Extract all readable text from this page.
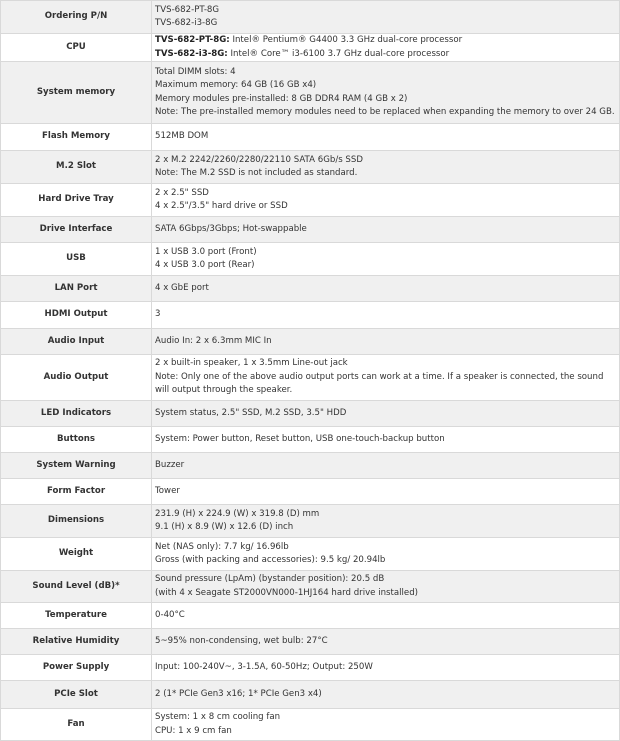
Ordering P/N	TVS-682-PT-8G
TVS-682-i3-8G

CPU	TVS-682-PT-8G: Intel® Pentium® G4400 3.3 GHz dual-core processor
TVS-682-i3-8G: Intel® Core™ i3-6100 3.7 GHz dual-core processor

System memory	Total DIMM slots: 4
Maximum memory: 64 GB (16 GB x4)
Memory modules pre-installed: 8 GB DDR4 RAM (4 GB x 2)
Note: The pre-installed memory modules need to be replaced when expanding the memory to over 24 GB.

Flash Memory	512MB DOM

M.2 Slot	2 x M.2 2242/2260/2280/22110 SATA 6Gb/s SSD
Note: The M.2 SSD is not included as standard.

Hard Drive Tray	2 x 2.5" SSD
4 x 2.5"/3.5" hard drive or SSD

Drive Interface	SATA 6Gbps/3Gbps; Hot-swappable

USB	1 x USB 3.0 port (Front)
4 x USB 3.0 port (Rear)

LAN Port	4 x GbE port

HDMI Output	3

Audio Input	Audio In: 2 x 6.3mm MIC In

Audio Output	2 x built-in speaker, 1 x 3.5mm Line-out jack
Note: Only one of the above audio output ports can work at a time. If a speaker is connected, the sound will output through the speaker.

LED Indicators	System status, 2.5" SSD, M.2 SSD, 3.5" HDD

Buttons	System: Power button, Reset button, USB one-touch-backup button

System Warning	Buzzer

Form Factor	Tower

Dimensions	231.9 (H) x 224.9 (W) x 319.8 (D) mm
9.1 (H) x 8.9 (W) x 12.6 (D) inch

Weight	Net (NAS only): 7.7 kg/ 16.96lb
Gross (with packing and accessories): 9.5 kg/ 20.94lb

Sound Level (dB)*	Sound pressure (LpAm) (bystander position): 20.5 dB
(with 4 x Seagate ST2000VN000-1HJ164 hard drive installed)

Temperature	0-40°C

Relative Humidity	5~95% non-condensing, wet bulb: 27°C

Power Supply	Input: 100-240V~, 3-1.5A, 60-50Hz; Output: 250W

PCIe Slot	2 (1* PCIe Gen3 x16; 1* PCIe Gen3 x4)

Fan	System: 1 x 8 cm cooling fan
CPU: 1 x 9 cm fan
